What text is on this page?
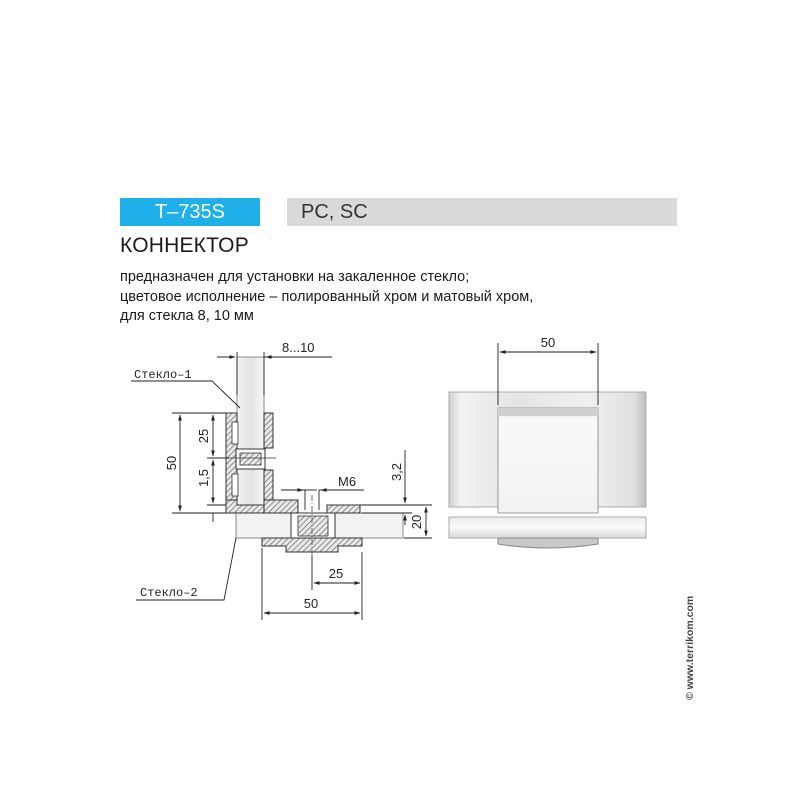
T–735S	PC, SC
КОННЕКТОР
предназначен для установки на закаленное стекло;
цветовое исполнение – полированный хром и матовый хром,
для стекла 8, 10 мм
8...10
50
25
1,5	M6
3,2
20
25
50
Стекло–1
Стекло–2
50
© www.terrikom.com
